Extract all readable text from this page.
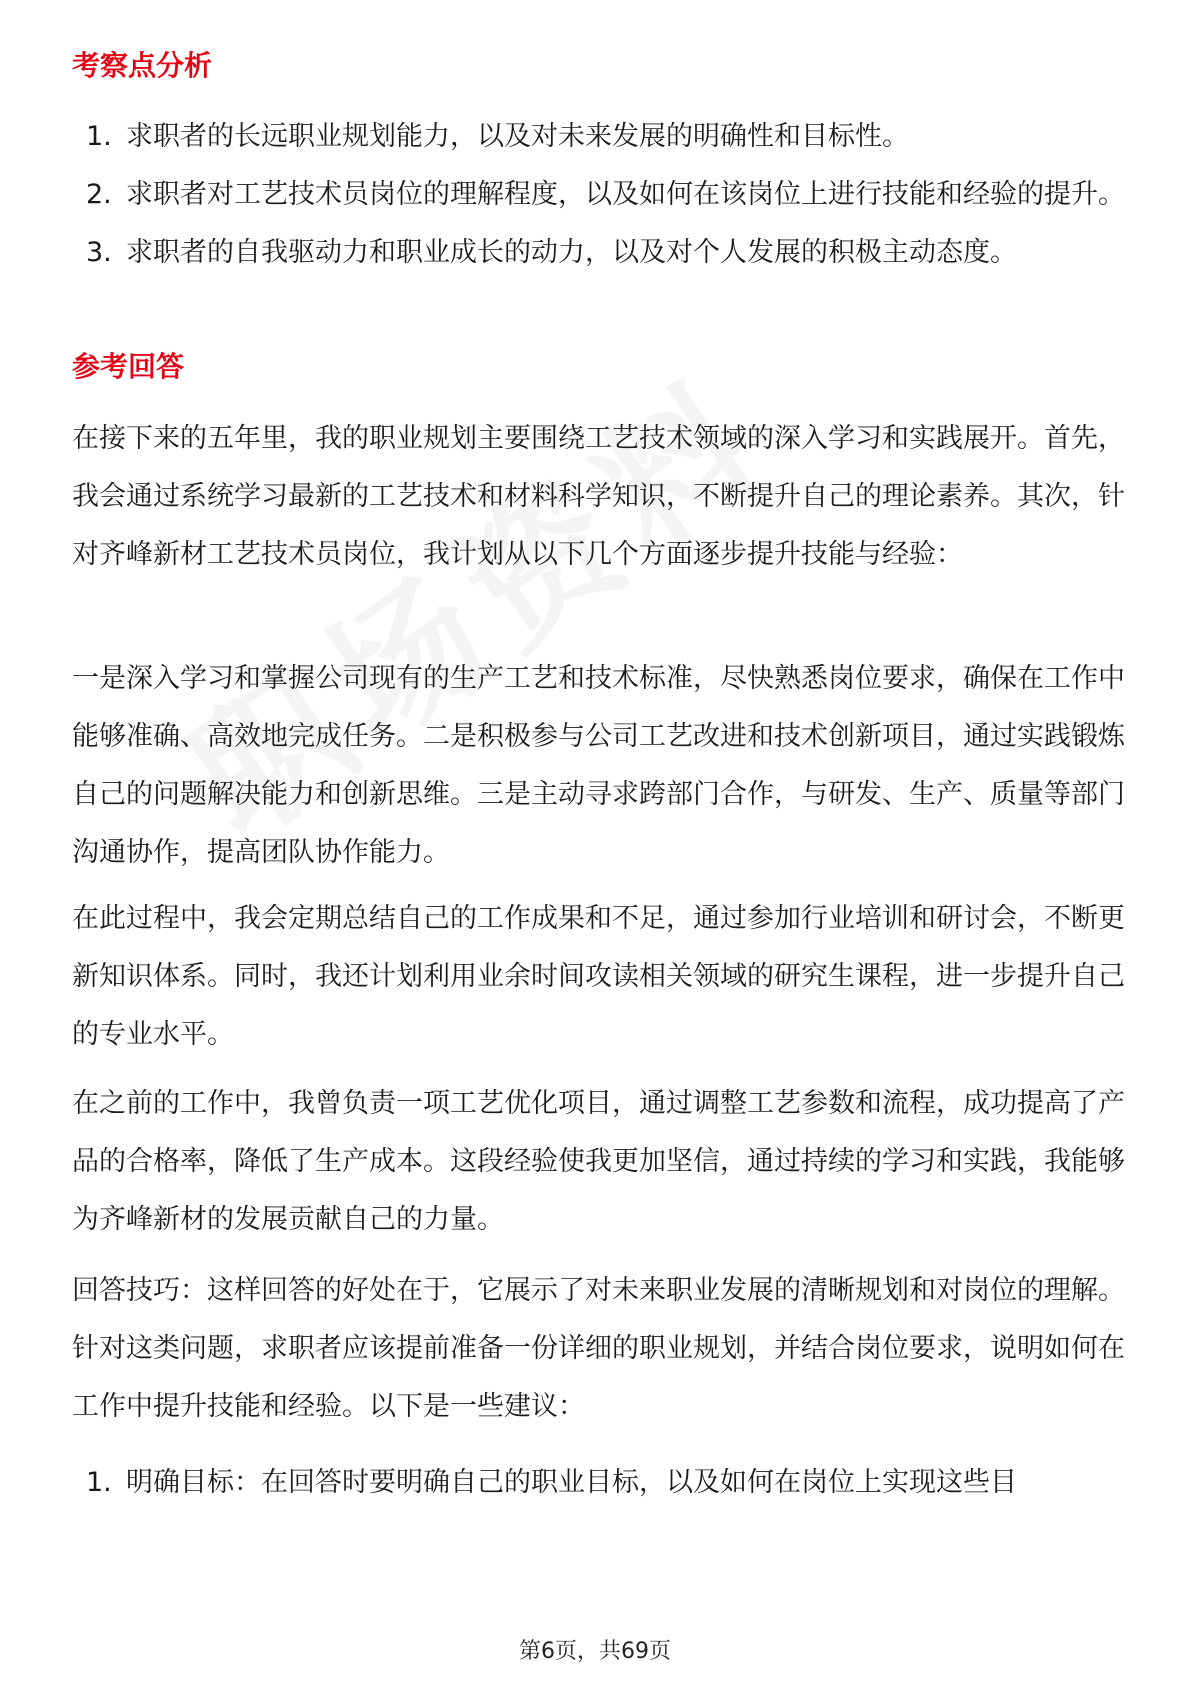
考察点分析
1. 求职者的长远职业规划能力，以及对未来发展的明确性和目标性。
2. 求职者对工艺技术员岗位的理解程度，以及如何在该岗位上进行技能和经验的提升。
3. 求职者的自我驱动力和职业成长的动力，以及对个人发展的积极主动态度。
参考回答

在接下来的五年里，我的职业规划主要围绕工艺技术领域的深入学习和实践展开。首先，我会通过系统学习最新的工艺技术和材料科学知识，不断提升自己的理论素养。其次，针对齐峰新材工艺技术员岗位，我计划从以下几个方面逐步提升技能与经验：

一是深入学习和掌握公司现有的生产工艺和技术标准，尽快熟悉岗位要求，确保在工作中能够准确、高效地完成任务。二是积极参与公司工艺改进和技术创新项目，通过实践锻炼自己的问题解决能力和创新思维。三是主动寻求跨部门合作，与研发、生产、质量等部门沟通协作，提高团队协作能力。

在此过程中，我会定期总结自己的工作成果和不足，通过参加行业培训和研讨会，不断更新知识体系。同时，我还计划利用业余时间攻读相关领域的研究生课程，进一步提升自己的专业水平。

在之前的工作中，我曾负责一项工艺优化项目，通过调整工艺参数和流程，成功提高了产品的合格率，降低了生产成本。这段经验使我更加坚信，通过持续的学习和实践，我能够为齐峰新材的发展贡献自己的力量。

回答技巧：这样回答的好处在于，它展示了对未来职业发展的清晰规划和对岗位的理解。针对这类问题，求职者应该提前准备一份详细的职业规划，并结合岗位要求，说明如何在工作中提升技能和经验。以下是一些建议：

1. 明确目标：在回答时要明确自己的职业目标，以及如何在岗位上实现这些目
第6页，共69页
